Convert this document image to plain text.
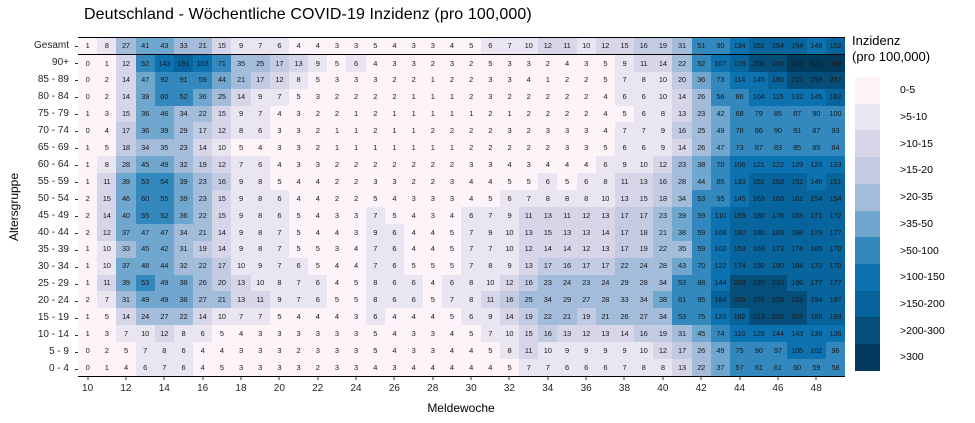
Deutschland - Wöchentliche COVID-19 Inzidenz (pro 100,000)
Altersgruppe
Gesamt
90+
85 - 89
80 - 84
75 - 79
70 - 74
65 - 69
60 - 64
55 - 59
50 - 54
45 - 49
40 - 44
35 - 39
30 - 34
25 - 29
20 - 24
15 - 19
10 - 14
5 - 9
0 - 4
1	8	27	41	43	33	21	15	9	7	6	4	4	3	3	5	4	3	3	4	5	6	7	10	12	11	10	12	15	16	19	31	51	90	134 151 154 154 148 152
0	1	12	52	143 151 103	71	35	25	17	13	9	5	6	4	3	3	2	3	2	5	3	3	2	4	3	5	9	11	14	22	52	107 178 208 280 372 425 494
0	2	14	47	92	91	59	44	21	17	12	8	5	3	3	3	2	2	1	2	2	3	3	4	1	2	2	5	7	8	10	20	36	73	114	145 180 215 259 287
0	2	14	39	60	52	36	25	14	9	7	5	3	2	2	2	2	1	1	1	2	3	2	2	2	2	2	4	6	6	10	14	26	56	86	104	115	132 145 162
1	3	15	36	46	34	22	15	9	7	4	3	2	2	1	2	1	1	1	1	1	2	1	2	2	2	2	4	5	6	8	13	23	42	68	79	85	87	90	100
0	4	17	36	39	29	17	12	8	6	3	3	2	1	1	2	1	1	2	2	2	2	3	2	3	3	3	4	7	7	9	16	25	49	78	86	90	91	87	93
1	5	18	34	35	23	14	10	5	4	3	3	2	1	1	1	1	1	1	1	2	2	2	2	2	3	3	5	6	6	9	14	26	47	73	87	83	85	85	84
1	8	28	45	49	32	19	12	7	6	4	3	3	2	2	2	2	2	2	2	3	3	4	3	4	4	4	6	9	10	12	23	38	70	106 121 122 129 123 133
1	11	39	53	54	39	23	16	9	8	5	4	4	2	2	3	3	2	2	3	4	4	5	5	6	5	6	8	11	13	16	28	44	85	133 151 153 152 146 151
2	15	46	60	55	39	23	15	9	8	6	4	4	2	2	5	4	3	3	3	4	5	6	7	8	8	8	10	13	15	18	34	53	95	145 163 163 161 154 154
2	14	40	55	52	36	22	15	9	8	6	5	4	3	3	7	5	4	3	4	6	7	9	11	13	11	12	13	17	17	23	39	59	110	159 180 176 183 171 172
2	12	37	47	47	34	21	14	9	8	7	5	4	4	3	9	6	4	4	5	7	9	10	13	15	13	13	14	17	18	21	38	59	108 160 180 183 188 179 177
1	10	33	45	42	31	19	14	9	8	7	5	5	3	4	7	6	4	4	5	7	7	10	12	14	14	12	13	17	19	22	35	59	102 153 169 173 174 165 170
1	10	37	48	44	32	22	17	10	9	7	6	5	4	4	7	6	5	5	5	7	8	9	13	17	16	17	17	22	24	28	43	70	122 174 190 190 184 170 170
1	11	39	53	49	38	26	20	13	10	8	7	6	4	5	8	6	6	4	6	8	10	12	16	23	24	23	24	29	28	34	53	88	144 203 220 210 196 177 177
2	7	31	49	49	38	27	21	13	11	9	7	6	5	5	8	6	6	5	7	8	11	16	25	34	29	27	28	33	34	38	61	95	164 226 255 239 222 194 197
1	5	14	24	27	22	14	10	7	7	5	4	4	4	3	6	4	4	4	5	6	9	14	19	22	21	19	21	26	27	34	53	75	123 182 213 220 207 189 193
1	3	7	10	12	8	6	5	4	3	3	3	3	3	3	5	4	3	3	4	5	7	10	15	16	13	12	13	14	16	19	31	45	74	110	129 144 143 139 136
0	2	5	7	8	6	4	4	3	3	3	2	3	3	3	5	4	3	3	4	4	5	8	11	10	9	9	9	9	10	12	17	26	49	75	90	97	105 102	96
0	1	4	6	7	6	4	5	3	3	3	3	2	3	3	4	3	4	4	4	4	4	5	7	7	6	6	6	7	8	8	13	22	37	57	61	61	60	59	58
10	12	14	16	18	20	22	24	26	28	30	32	34	36	38	40	42	44	46	48
Meldewoche
Inzidenz
(pro 100,000)
0-5
>5-10
>10-15
>15-20
>20-35
>35-50
>50-100
>100-150
>150-200
>200-300
>300
